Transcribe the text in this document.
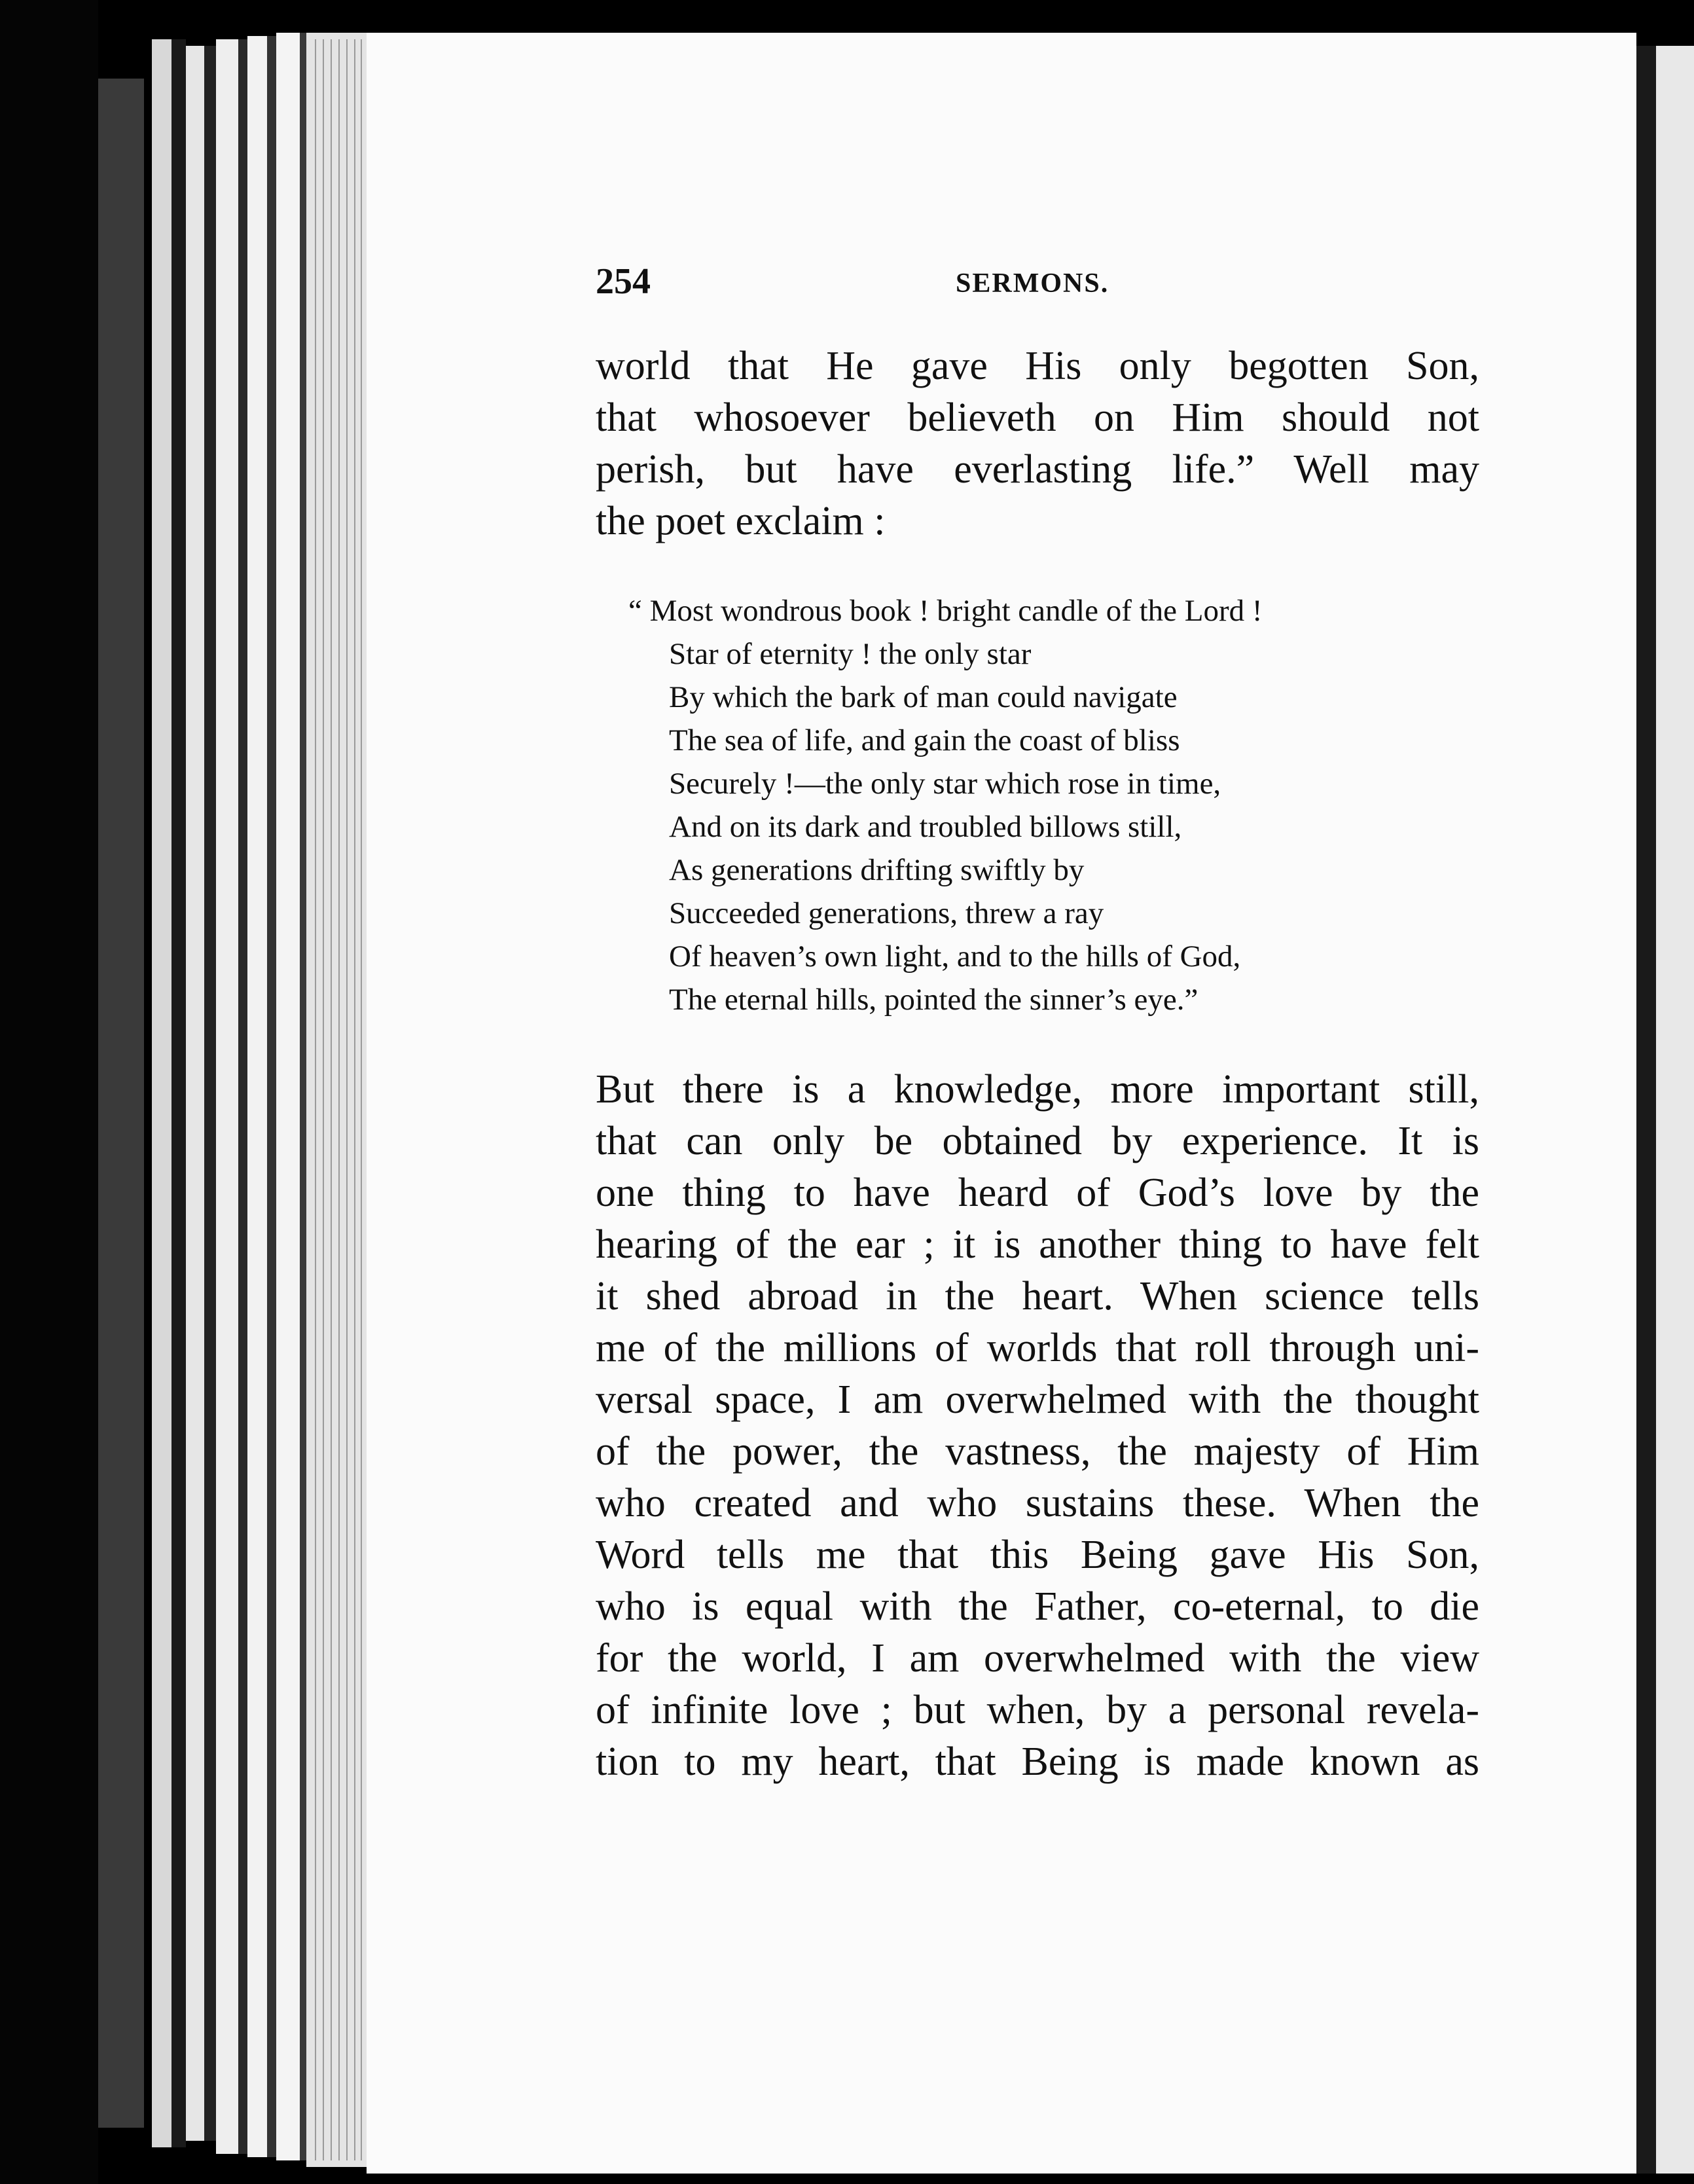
254	SERMONS.
world that He gave His only begotten Son,
that whosoever believeth on Him should not
perish, but have everlasting life.” Well may
the poet exclaim :
“ Most wondrous book ! bright candle of the Lord !
Star of eternity ! the only star
By which the bark of man could navigate
The sea of life, and gain the coast of bliss
Securely !—the only star which rose in time,
And on its dark and troubled billows still,
As generations drifting swiftly by
Succeeded generations, threw a ray
Of heaven’s own light, and to the hills of God,
The eternal hills, pointed the sinner’s eye.”
But there is a knowledge, more important still,
that can only be obtained by experience. It is
one thing to have heard of God’s love by the
hearing of the ear ; it is another thing to have felt
it shed abroad in the heart. When science tells
me of the millions of worlds that roll through uni-
versal space, I am overwhelmed with the thought
of the power, the vastness, the majesty of Him
who created and who sustains these. When the
Word tells me that this Being gave His Son,
who is equal with the Father, co-eternal, to die
for the world, I am overwhelmed with the view
of infinite love ; but when, by a personal revela-
tion to my heart, that Being is made known as
